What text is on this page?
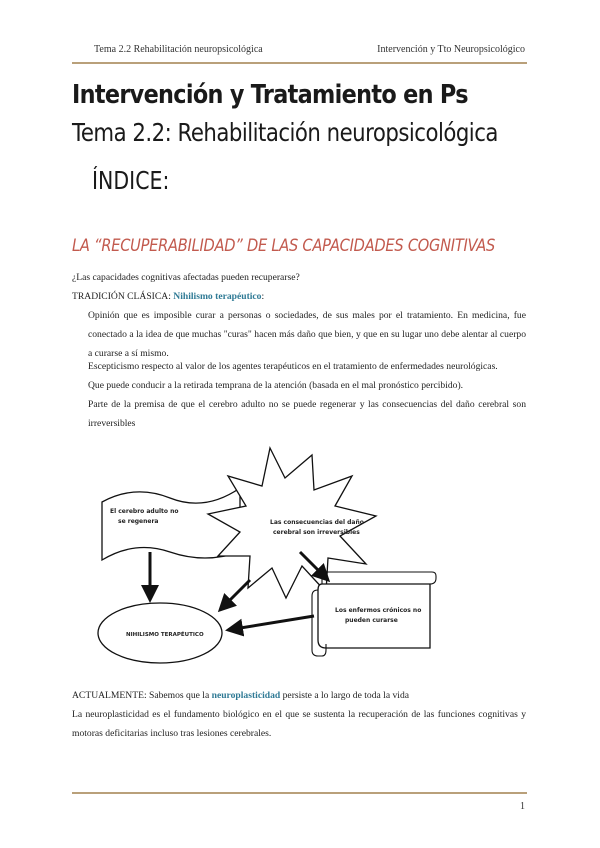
Tema 2.2 Rehabilitación neuropsicológica	Intervención y Tto Neuropsicológico
Intervención y Tratamiento en Ps
Tema 2.2: Rehabilitación neuropsicológica
ÍNDICE:
LA “RECUPERABILIDAD” DE LAS CAPACIDADES COGNITIVAS
¿Las capacidades cognitivas afectadas pueden recuperarse?
TRADICIÓN CLÁSICA: Nihilismo terapéutico:
Opinión que es imposible curar a personas o sociedades, de sus males por el tratamiento. En medicina, fue conectado a la idea de que muchas "curas" hacen más daño que bien, y que en su lugar uno debe alentar al cuerpo a curarse a sí mismo.
Escepticismo respecto al valor de los agentes terapéuticos en el tratamiento de enfermedades neurológicas.
Que puede conducir a la retirada temprana de la atención (basada en el mal pronóstico percibido).
Parte de la premisa de que el cerebro adulto no se puede regenerar y las consecuencias del daño cerebral son irreversibles
El cerebro adulto no
se regenera	Las consecuencias del daño
cerebral son irreversibles
Los enfermos crónicos no
pueden curarse
NIHILISMO TERAPÉUTICO
ACTUALMENTE: Sabemos que la neuroplasticidad persiste a lo largo de toda la vida
La neuroplasticidad es el fundamento biológico en el que se sustenta la recuperación de las funciones cognitivas y motoras deficitarias incluso tras lesiones cerebrales.
1
